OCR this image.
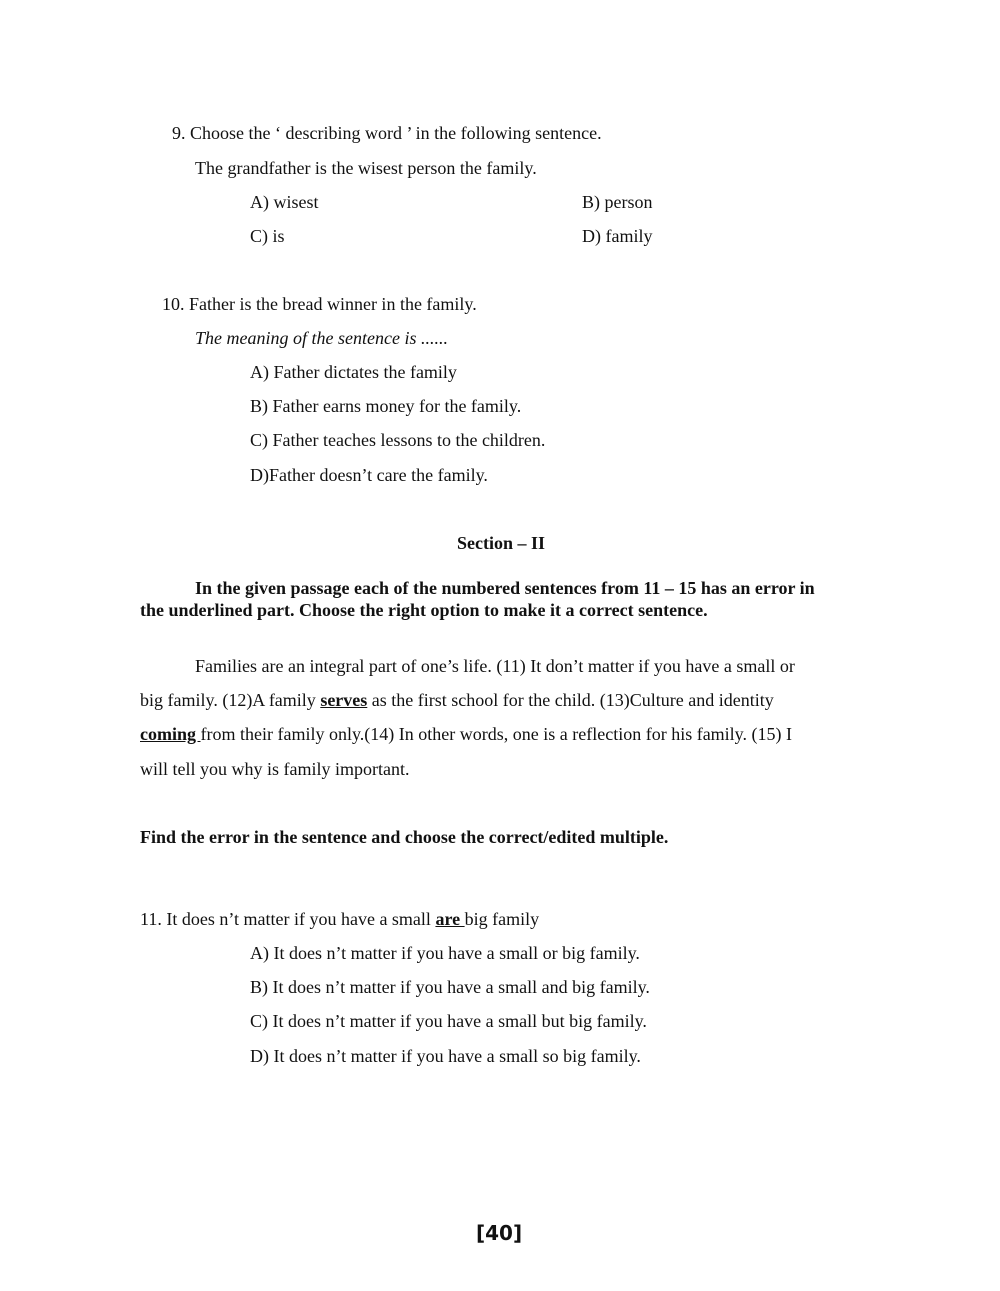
9. Choose the ‘ describing word ’ in the following sentence.
The grandfather is the wisest person the family.
A) wisest	B) person
C) is	D) family
10. Father is the bread winner in the family.
The meaning of the sentence is ......
A) Father dictates the family
B) Father earns money for the family.
C) Father teaches lessons to the children.
D)Father doesn’t care the family.
Section – II
In the given passage each of the numbered sentences from 11 – 15 has an error in
the underlined part. Choose the right option to make it a correct sentence.
Families are an integral part of one’s life. (11) It don’t matter if you have a small or
big family. (12)A family serves as the first school for the child. (13)Culture and identity
coming from their family only.(14) In other words, one is a reflection for his family. (15) I
will tell you why is family important.
Find the error in the sentence and choose the correct/edited multiple.
11. It does n’t matter if you have a small are big family
A) It does n’t matter if you have a small or big family.
B) It does n’t matter if you have a small and big family.
C) It does n’t matter if you have a small but big family.
D) It does n’t matter if you have a small so big family.
[40]
